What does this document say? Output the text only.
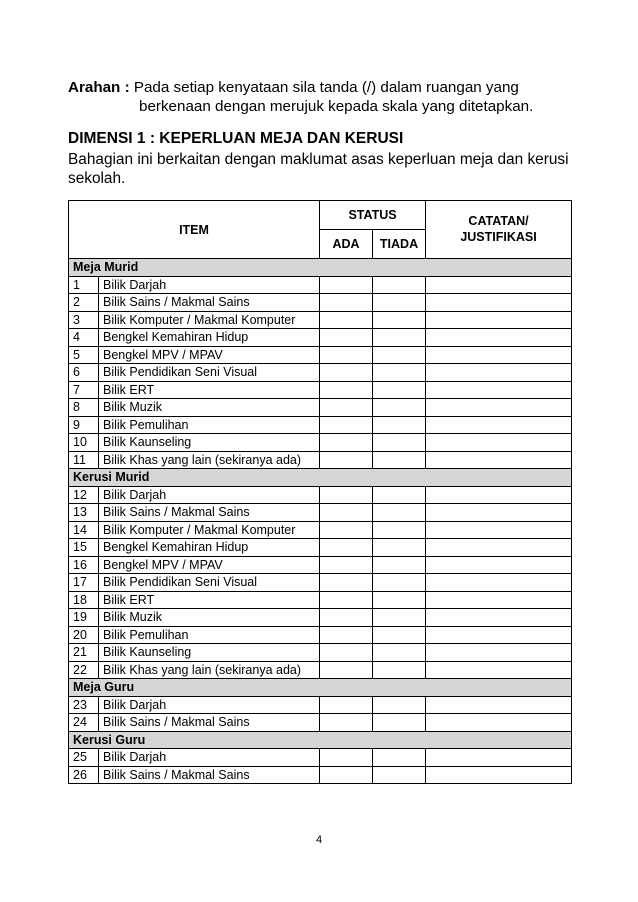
Arahan : Pada setiap kenyataan sila tanda (/) dalam ruangan yang
berkenaan dengan merujuk kepada skala yang ditetapkan.
DIMENSI 1 : KEPERLUAN MEJA DAN KERUSI
Bahagian ini berkaitan dengan maklumat asas keperluan meja dan kerusi sekolah.
ITEM		STATUS		CATATAN/
JUSTIFIKASI
		ADA	TIADA	
Meja Murid				
1	Bilik Darjah			
2	Bilik Sains / Makmal Sains			
3	Bilik Komputer / Makmal Komputer			
4	Bengkel Kemahiran Hidup			
5	Bengkel MPV / MPAV			
6	Bilik Pendidikan Seni Visual			
7	Bilik ERT			
8	Bilik Muzik			
9	Bilik Pemulihan			
10	Bilik Kaunseling			
11	Bilik Khas yang lain (sekiranya ada)			
Kerusi Murid				
12	Bilik Darjah			
13	Bilik Sains / Makmal Sains			
14	Bilik Komputer / Makmal Komputer			
15	Bengkel Kemahiran Hidup			
16	Bengkel MPV / MPAV			
17	Bilik Pendidikan Seni Visual			
18	Bilik ERT			
19	Bilik Muzik			
20	Bilik Pemulihan			
21	Bilik Kaunseling			
22	Bilik Khas yang lain (sekiranya ada)			
Meja Guru				
23	Bilik Darjah			
24	Bilik Sains / Makmal Sains			
Kerusi Guru				
25	Bilik Darjah			
26	Bilik Sains / Makmal Sains			
4
